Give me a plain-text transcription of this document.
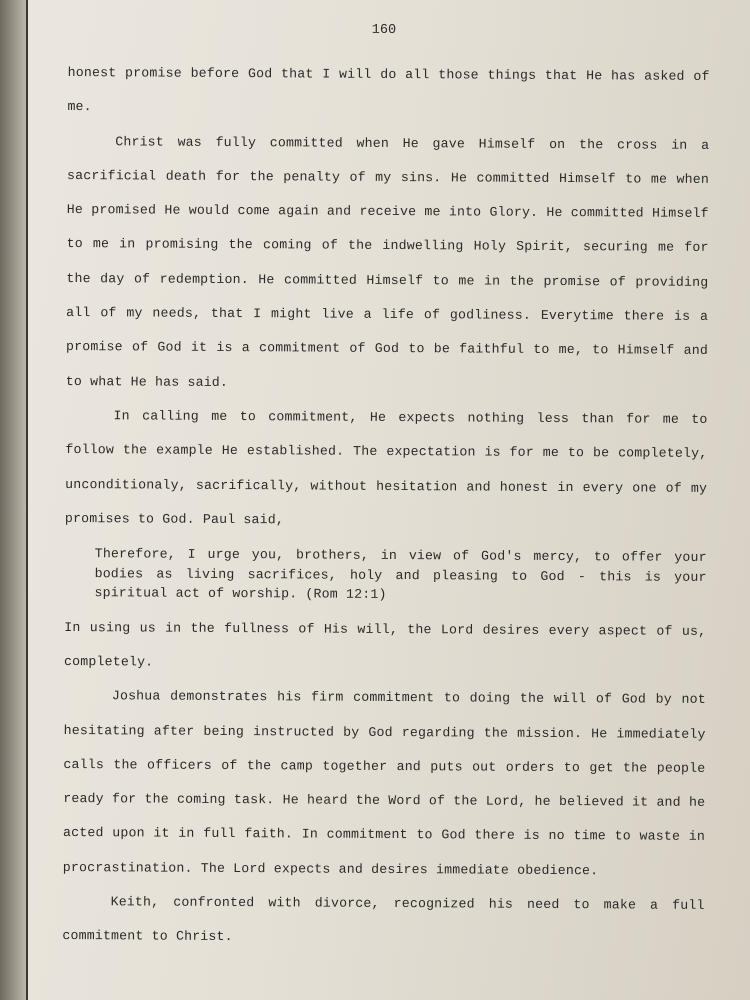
160

honest promise before God that I will do all those things that He has asked of me.

Christ was fully committed when He gave Himself on the cross in a sacrificial death for the penalty of my sins. He committed Himself to me when He promised He would come again and receive me into Glory. He committed Himself to me in promising the coming of the indwelling Holy Spirit, securing me for the day of redemption. He committed Himself to me in the promise of providing all of my needs, that I might live a life of godliness. Everytime there is a promise of God it is a commitment of God to be faithful to me, to Himself and to what He has said.

In calling me to commitment, He expects nothing less than for me to follow the example He established. The expectation is for me to be completely, unconditionaly, sacrifically, without hesitation and honest in every one of my promises to God. Paul said,

Therefore, I urge you, brothers, in view of God's mercy, to offer your bodies as living sacrifices, holy and pleasing to God - this is your spiritual act of worship. (Rom 12:1)

In using us in the fullness of His will, the Lord desires every aspect of us, completely.

Joshua demonstrates his firm commitment to doing the will of God by not hesitating after being instructed by God regarding the mission. He immediately calls the officers of the camp together and puts out orders to get the people ready for the coming task. He heard the Word of the Lord, he believed it and he acted upon it in full faith. In commitment to God there is no time to waste in procrastination. The Lord expects and desires immediate obedience.

Keith, confronted with divorce, recognized his need to make a full commitment to Christ.
